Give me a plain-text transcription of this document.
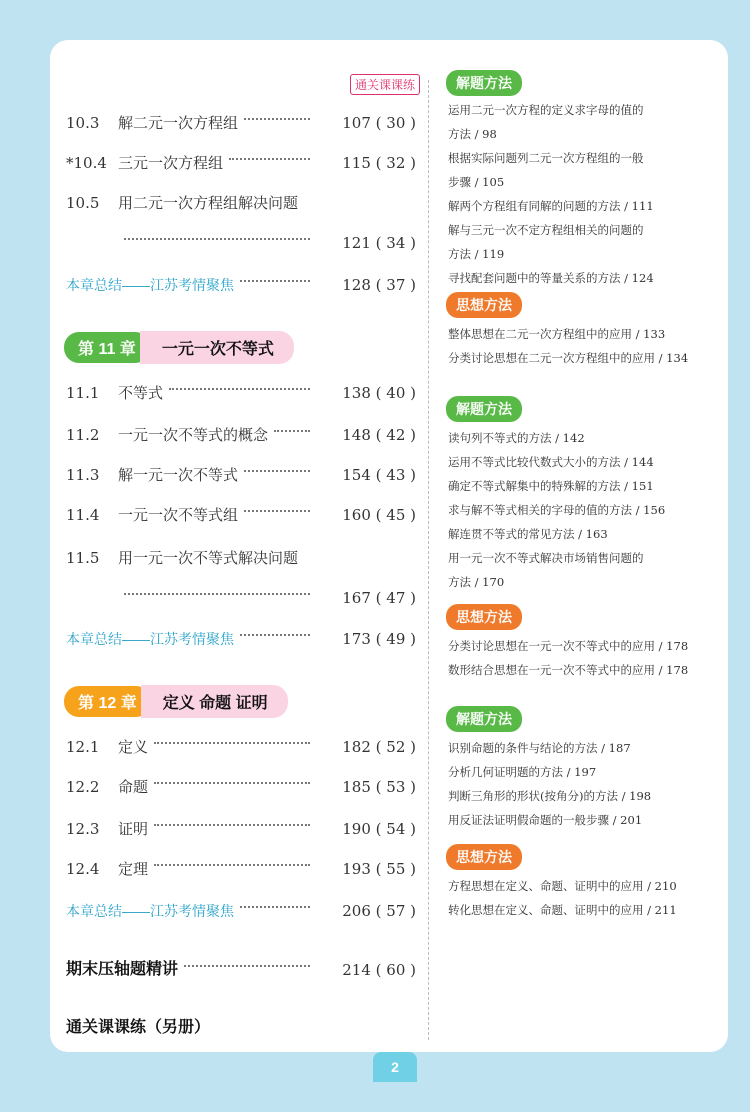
通关课课练
10.3	解二元一次方程组	107 ( 30 )
*10.4 三元一次方程组	115 ( 32 )
10.5	用二元一次方程组解决问题
121 ( 34 )
本章总结——江苏考情聚焦	128 ( 37 )
第 11 章	一元一次不等式
11.1	不等式	138 ( 40 )
11.2	一元一次不等式的概念	148 ( 42 )
11.3	解一元一次不等式	154 ( 43 )
11.4	一元一次不等式组	160 ( 45 )
11.5	用一元一次不等式解决问题
167 ( 47 )
本章总结——江苏考情聚焦	173 ( 49 )
第 12 章	定义 命题 证明
12.1	定义	182 ( 52 )
12.2	命题	185 ( 53 )
12.3	证明	190 ( 54 )
12.4	定理	193 ( 55 )
本章总结——江苏考情聚焦	206 ( 57 )
期末压轴题精讲	214 ( 60 )
通关课课练（另册）
解题方法
运用二元一次方程的定义求字母的值的
方法 / 98
根据实际问题列二元一次方程组的一般
步骤 / 105
解两个方程组有同解的问题的方法 / 111
解与三元一次不定方程组相关的问题的
方法 / 119
寻找配套问题中的等量关系的方法 / 124
思想方法
整体思想在二元一次方程组中的应用 / 133
分类讨论思想在二元一次方程组中的应用 / 134
解题方法
读句列不等式的方法 / 142
运用不等式比较代数式大小的方法 / 144
确定不等式解集中的特殊解的方法 / 151
求与解不等式相关的字母的值的方法 / 156
解连贯不等式的常见方法 / 163
用一元一次不等式解决市场销售问题的
方法 / 170
思想方法
分类讨论思想在一元一次不等式中的应用 / 178
数形结合思想在一元一次不等式中的应用 / 178
解题方法
识别命题的条件与结论的方法 / 187
分析几何证明题的方法 / 197
判断三角形的形状(按角分)的方法 / 198
用反证法证明假命题的一般步骤 / 201
思想方法
方程思想在定义、命题、证明中的应用 / 210
转化思想在定义、命题、证明中的应用 / 211
2
